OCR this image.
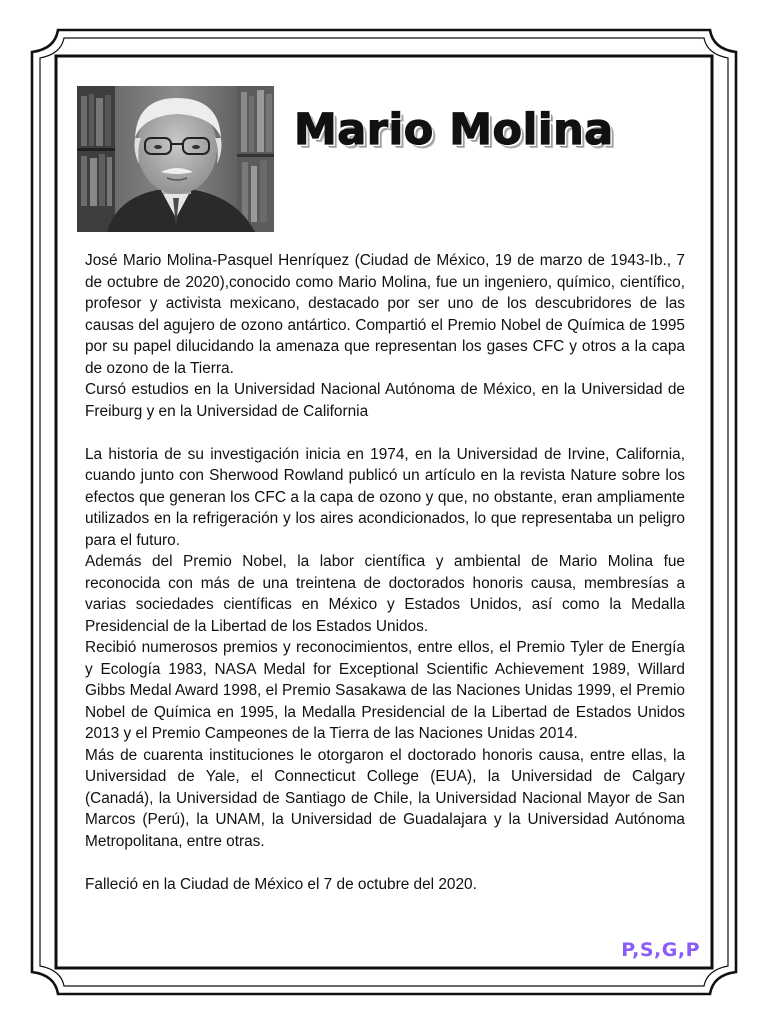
Mario Molina

José Mario Molina-Pasquel Henríquez (Ciudad de México, 19 de marzo de 1943-Ib., 7 de octubre de 2020),conocido como Mario Molina, fue un ingeniero, químico, científico, profesor y activista mexicano, destacado por ser uno de los descubridores de las causas del agujero de ozono antártico. Compartió el Premio Nobel de Química de 1995 por su papel dilucidando la amenaza que representan los gases CFC y otros a la capa de ozono de la Tierra.

Cursó estudios en la Universidad Nacional Autónoma de México, en la Universidad de Freiburg y en la Universidad de California

La historia de su investigación inicia en 1974, en la Universidad de Irvine, California, cuando junto con Sherwood Rowland publicó un artículo en la revista Nature sobre los efectos que generan los CFC a la capa de ozono y que, no obstante, eran ampliamente utilizados en la refrigeración y los aires acondicionados, lo que representaba un peligro para el futuro.

Además del Premio Nobel, la labor científica y ambiental de Mario Molina fue reconocida con más de una treintena de doctorados honoris causa, membresías a varias sociedades científicas en México y Estados Unidos, así como la Medalla Presidencial de la Libertad de los Estados Unidos.

Recibió numerosos premios y reconocimientos, entre ellos, el Premio Tyler de Energía y Ecología 1983, NASA Medal for Exceptional Scientific Achievement 1989, Willard Gibbs Medal Award 1998, el Premio Sasakawa de las Naciones Unidas 1999, el Premio Nobel de Química en 1995, la Medalla Presidencial de la Libertad de Estados Unidos 2013 y el Premio Campeones de la Tierra de las Naciones Unidas 2014.

Más de cuarenta instituciones le otorgaron el doctorado honoris causa, entre ellas, la Universidad de Yale, el Connecticut College (EUA), la Universidad de Calgary (Canadá), la Universidad de Santiago de Chile, la Universidad Nacional Mayor de San Marcos (Perú), la UNAM, la Universidad de Guadalajara y la Universidad Autónoma Metropolitana, entre otras.

Falleció en la Ciudad de México el 7 de octubre del 2020.

P,S,G,P
